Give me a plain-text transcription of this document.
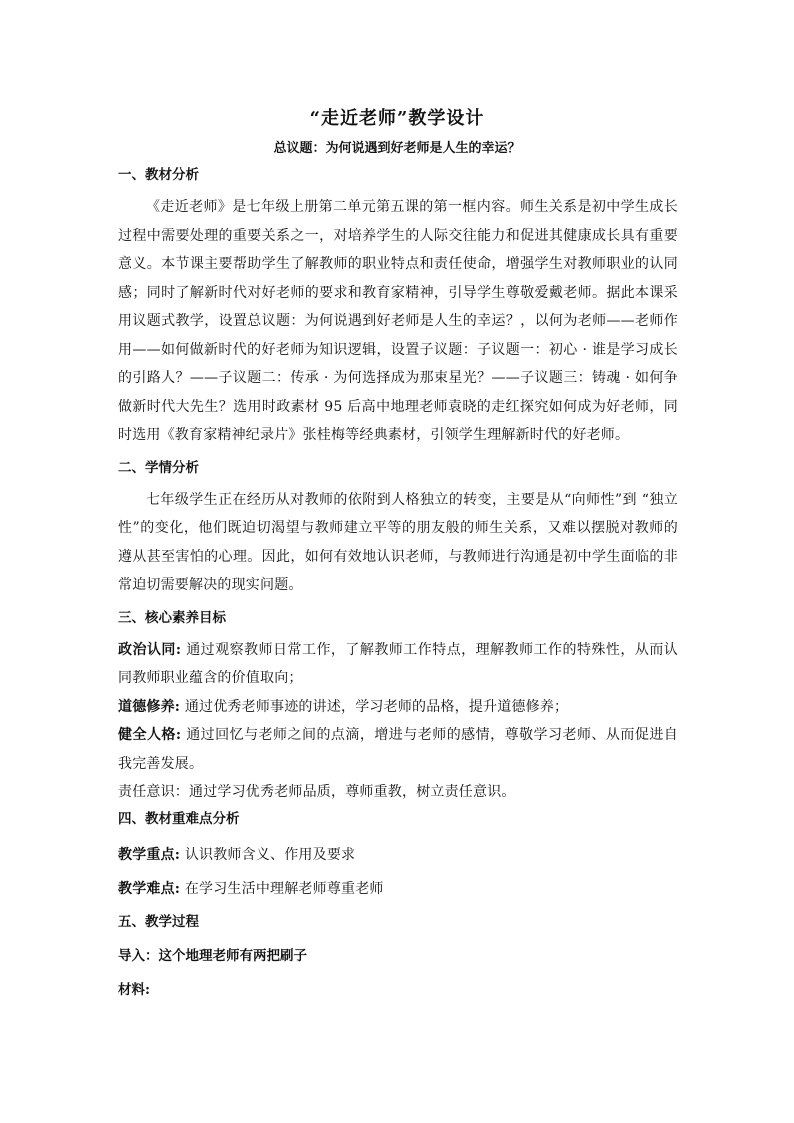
“走近老师”教学设计
总议题：为何说遇到好老师是人生的幸运？

一、教材分析

《走近老师》是七年级上册第二单元第五课的第一框内容。师生关系是初中学生成长过程中需要处理的重要关系之一，对培养学生的人际交往能力和促进其健康成长具有重要意义。本节课主要帮助学生了解教师的职业特点和责任使命，增强学生对教师职业的认同感；同时了解新时代对好老师的要求和教育家精神，引导学生尊敬爱戴老师。据此本课采用议题式教学，设置总议题：为何说遇到好老师是人生的幸运？，以何为老师——老师作用——如何做新时代的好老师为知识逻辑，设置子议题：子议题一：初心 · 谁是学习成长的引路人？——子议题二：传承 · 为何选择成为那束星光？——子议题三：铸魂 · 如何争做新时代大先生？选用时政素材 95 后高中地理老师袁晓的走红探究如何成为好老师，同时选用《教育家精神纪录片》张桂梅等经典素材，引领学生理解新时代的好老师。

二、学情分析

七年级学生正在经历从对教师的依附到人格独立的转变，主要是从“向师性”到 “独立性”的变化，他们既迫切渴望与教师建立平等的朋友般的师生关系，又难以摆脱对教师的遵从甚至害怕的心理。因此，如何有效地认识老师，与教师进行沟通是初中学生面临的非常迫切需要解决的现实问题。

三、核心素养目标

政治认同: 通过观察教师日常工作，了解教师工作特点，理解教师工作的特殊性，从而认同教师职业蕴含的价值取向；

道德修养: 通过优秀老师事迹的讲述，学习老师的品格，提升道德修养；

健全人格: 通过回忆与老师之间的点滴，增进与老师的感情，尊敬学习老师、从而促进自我完善发展。

责任意识：通过学习优秀老师品质，尊师重教，树立责任意识。

四、教材重难点分析

教学重点: 认识教师含义、作用及要求

教学难点: 在学习生活中理解老师尊重老师

五、教学过程

导入：这个地理老师有两把刷子

材料:
